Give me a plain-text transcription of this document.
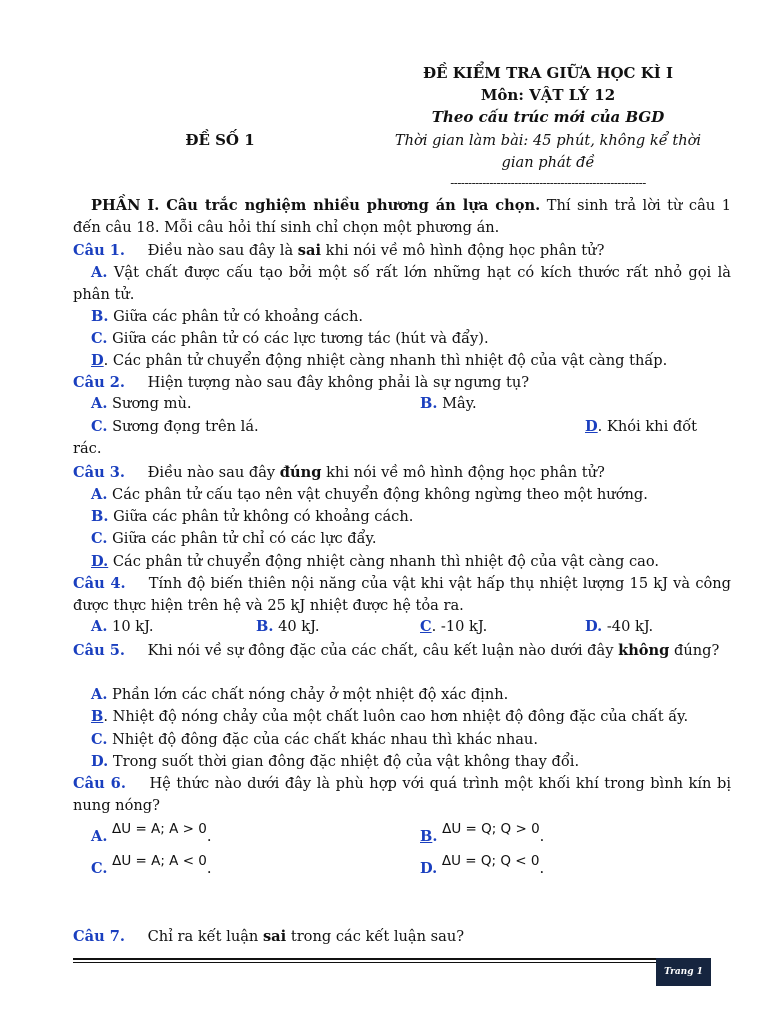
ĐỀ KIỂM TRA GIỮA HỌC KÌ I
Môn: VẬT LÝ 12
Theo cấu trúc mới của BGD
ĐỀ SỐ 1	Thời gian làm bài: 45 phút, không kể thời gian phát đề
-------------------------------------------------------
PHẦN I. Câu trắc nghiệm nhiều phương án lựa chọn. Thí sinh trả lời từ câu 1 đến câu 18. Mỗi câu hỏi thí sinh chỉ chọn một phương án.
Câu 1. Điều nào sau đây là sai khi nói về mô hình động học phân tử?
A. Vật chất được cấu tạo bởi một số rất lớn những hạt có kích thước rất nhỏ gọi là phân tử.
B. Giữa các phân tử có khoảng cách.
C. Giữa các phân tử có các lực tương tác (hút và đẩy).
D. Các phân tử chuyển động nhiệt càng nhanh thì nhiệt độ của vật càng thấp.
Câu 2. Hiện tượng nào sau đây không phải là sự ngưng tụ?
A. Sương mù.	B. Mây.
C. Sương đọng trên lá.	D. Khói khi đốt
rác.
Câu 3. Điều nào sau đây đúng khi nói về mô hình động học phân tử?
A. Các phân tử cấu tạo nên vật chuyển động không ngừng theo một hướng.
B. Giữa các phân tử không có khoảng cách.
C. Giữa các phân tử chỉ có các lực đẩy.
D. Các phân tử chuyển động nhiệt càng nhanh thì nhiệt độ của vật càng cao.
Câu 4. Tính độ biến thiên nội năng của vật khi vật hấp thụ nhiệt lượng 15 kJ và công được thực hiện trên hệ và 25 kJ nhiệt được hệ tỏa ra.
A. 10 kJ.	B. 40 kJ.	C. -10 kJ.	D. -40 kJ.
Câu 5. Khi nói về sự đông đặc của các chất, câu kết luận nào dưới đây không đúng?
A. Phần lớn các chất nóng chảy ở một nhiệt độ xác định.
B. Nhiệt độ nóng chảy của một chất luôn cao hơn nhiệt độ đông đặc của chất ấy.
C. Nhiệt độ đông đặc của các chất khác nhau thì khác nhau.
D. Trong suốt thời gian đông đặc nhiệt độ của vật không thay đổi.
Câu 6. Hệ thức nào dưới đây là phù hợp với quá trình một khối khí trong bình kín bị nung nóng?
A. ΔU = A; A > 0.	B. ΔU = Q; Q > 0.
C. ΔU = A; A < 0.	D. ΔU = Q; Q < 0.
Câu 7. Chỉ ra kết luận sai trong các kết luận sau?
Trang 1
